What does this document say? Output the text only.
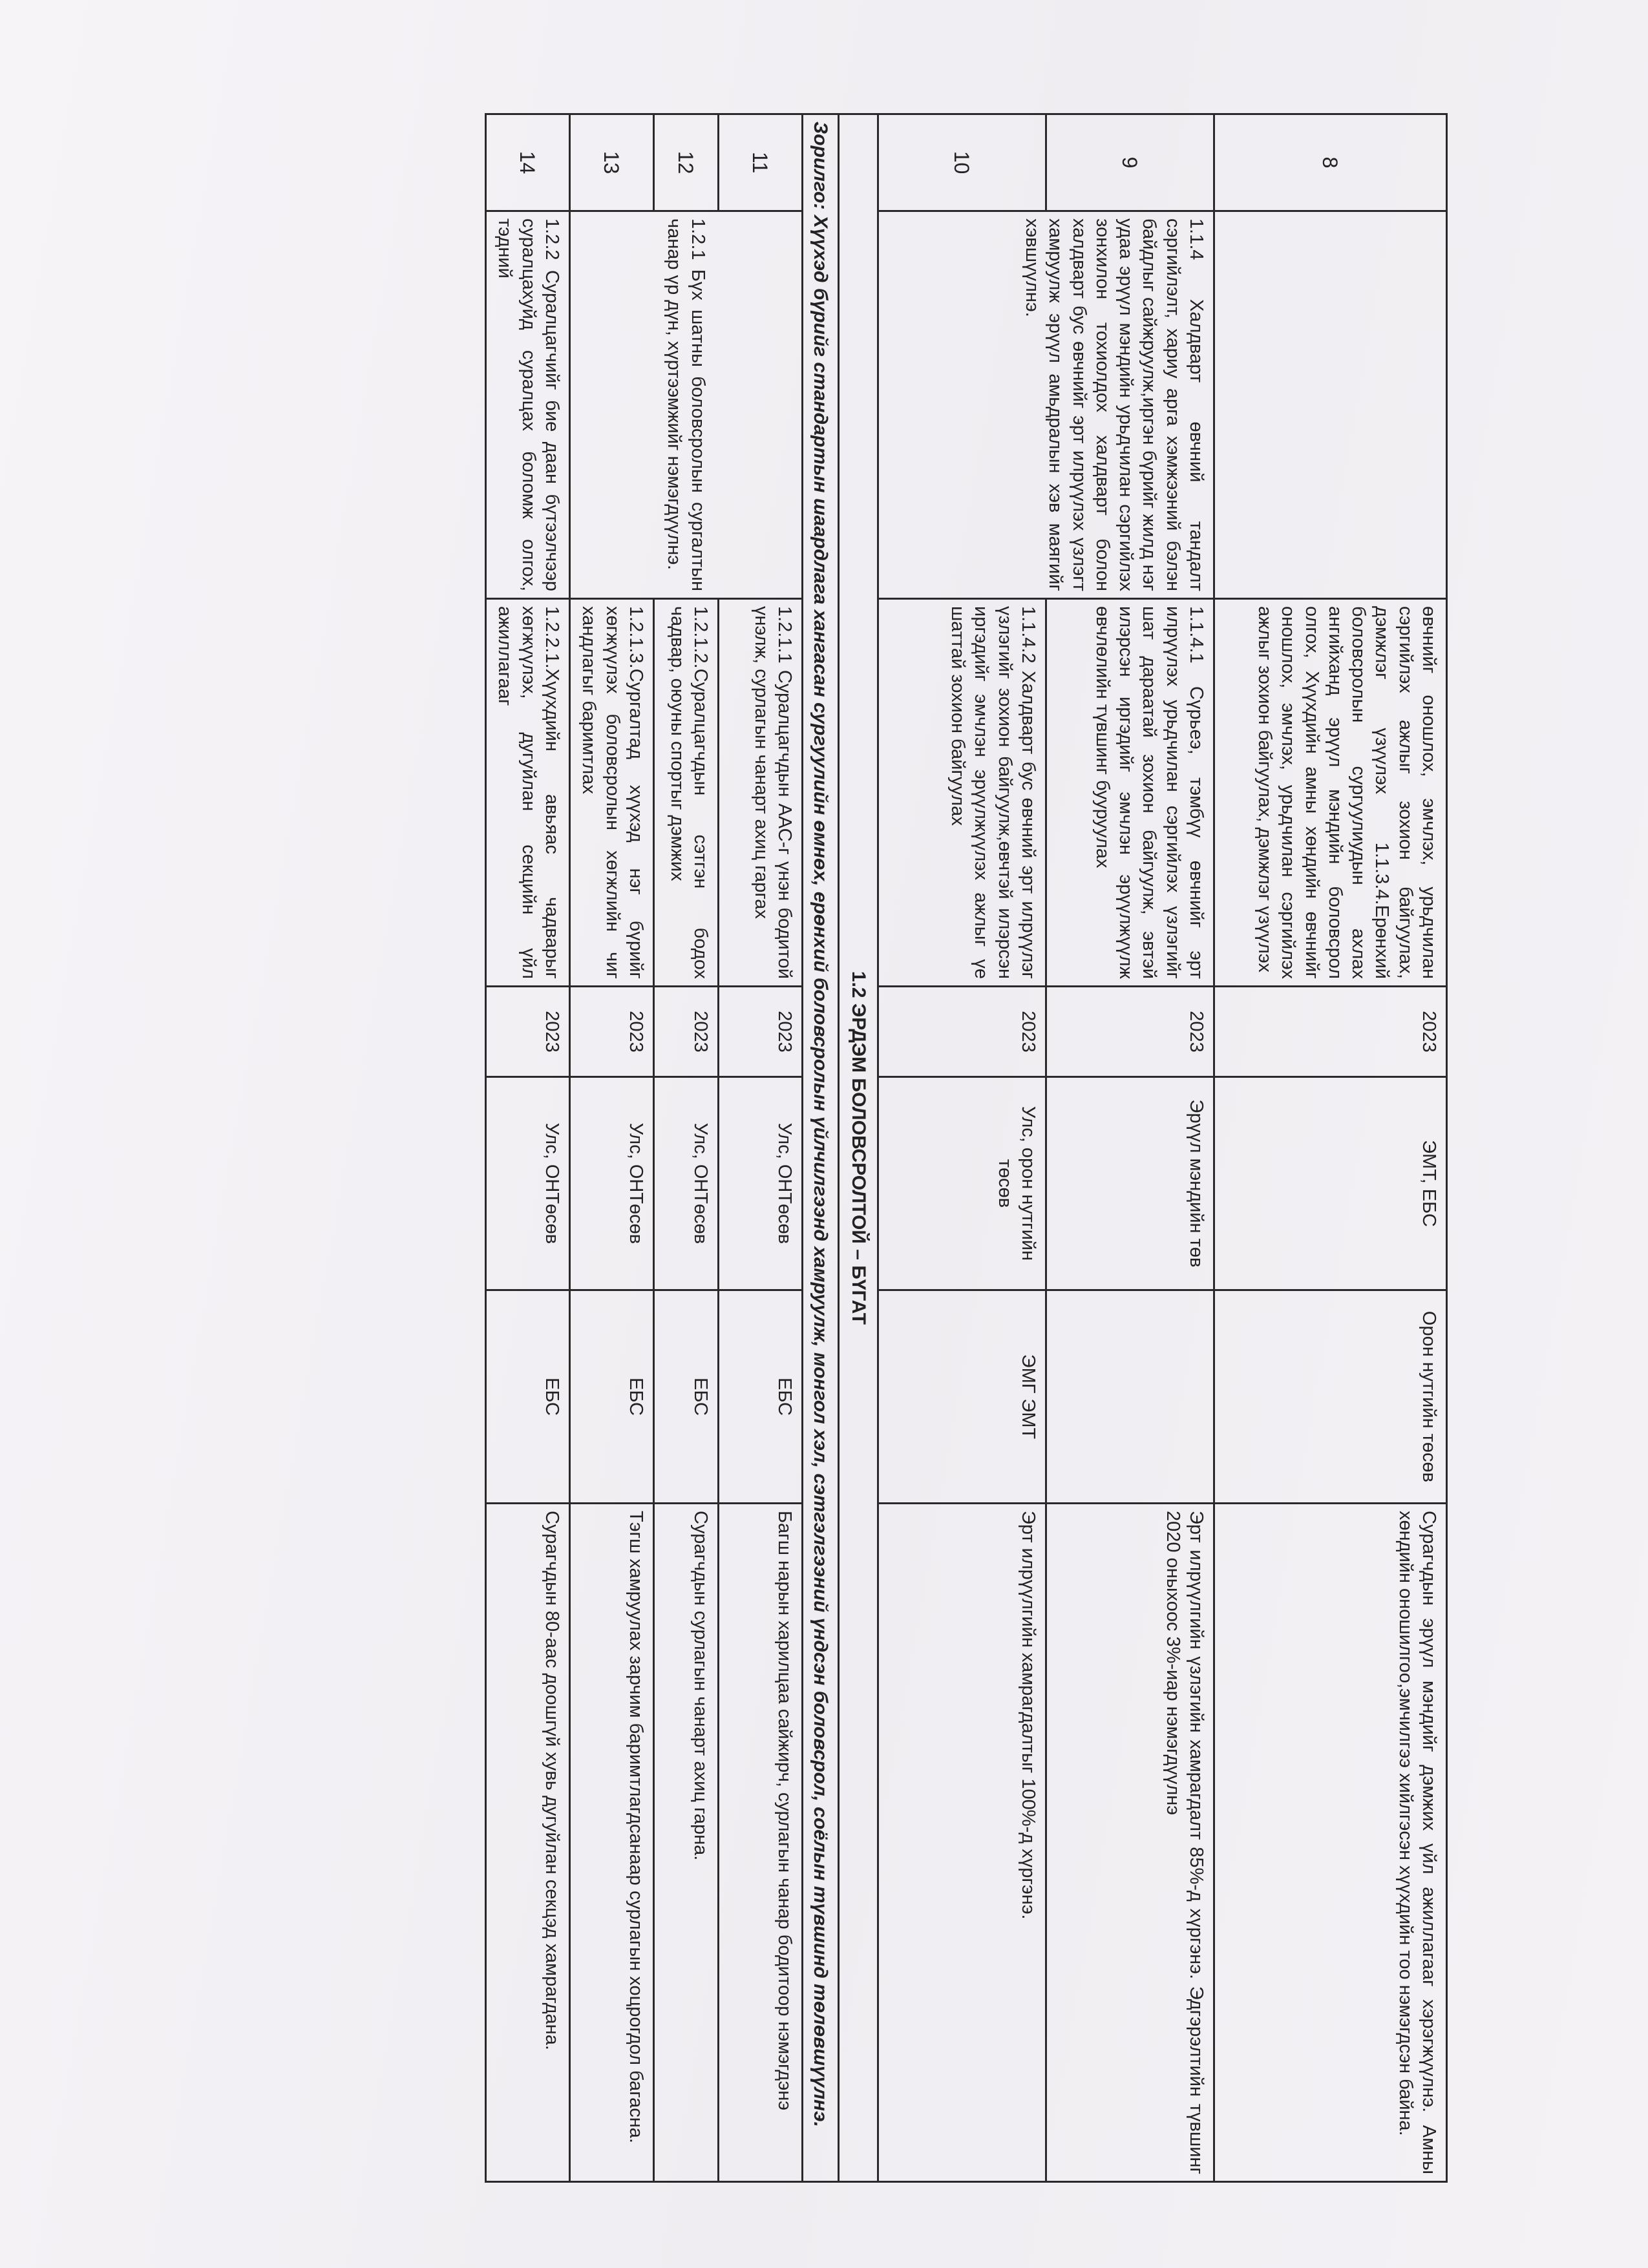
8		өвчнийг оношлох, эмчлэх, урьдчилан сэргийлэх ажлыг зохион байгуулах, дэмжлэг үзүүлэх 1.1.3.4.Ерөнхий боловсролын сургуулиудын ахлах ангийханд эрүүл мэндийн боловсрол олгох, Хүүхдийн амны хөндийн өвчнийг оношлох, эмчлэх, урьдчилан сэргийлэх ажлыг зохион байгуулах, дэмжлэг үзүүлэх	2023	ЭМТ, ЕБС	Орон нутгийн төсөв	Сурагчдын эрүүл мэндийг дэмжих үйл ажиллагааг хэрэгжүүлнэ. Амны хөндийн оношилгоо,эмчилгээ хийлгэсэн хүүхдийн тоо нэмэгдсэн байна.
9	1.1.4 Халдварт өвчний тандалт сэргийлэлт, хариу арга хэмжээний бэлэн байдлыг сайжруулж,иргэн бүрийг жилд нэг удаа эрүүл мэндийн урьдчилан сэргийлэх зонхилон тохиолдох халдварт болон халдварт бус өвчнийг эрт илрүүлэх үзлэгт хамруулж эрүүл амьдралын хэв маягийг хэвшүүлнэ.	1.1.4.1 Сүрьеэ, тэмбүү өвчнийг эрт илрүүлэх урьдчилан сэргийлэх үзлэгийг шат дараатай зохион байгуулж, эвтэй илэрсэн иргэдийг эмчлэн эрүүлжүүлж өвчлөлийн түвшинг бууруулах	2023	Эрүүл мэндийн төв		Эрт илрүүлгийн үзлэгийн хамрагдалт 85%-д хүргэнэ. Эдгэрэлтийн түвшинг 2020 оныхоос 3%-иар нэмэгдүүлнэ
10		1.1.4.2 Халдварт бус өвчний эрт илрүүлэг үзлэгийг зохион байгуулж,өвчтэй илэрсэн иргэдийг эмчлэн эрүүлжүүлэх ажлыг үе шаттай зохион байгуулах	2023	Улс, орон нутгийн төсөв	ЭМГ ЭМТ	Эрт илрүүлгийн хамрагдалтыг 100%-д хүргэнэ.
1.2 ЭРДЭМ БОЛОВСРОЛТОЙ – БҮГАТ						
Зорилго: Хүүхэд бүрийг стандартын шаардлага хангасан сургуулийн өмнөх, ерөнхий боловсролын үйлчилгээнд хамруулж, монгол хэл, сэтгэлгээний үндсэн боловсрол, соёлын түвшинд төлөвшүүлнэ.						
11	1.2.1 Бүх шатны боловсролын сургалтын чанар үр дүн, хүртээмжийг нэмэгдүүлнэ.	1.2.1.1 Суралцагчдын ААС-г үнэн бодитой үнэлж, сурлагын чанарт ахиц гаргах	2023	Улс, ОНТөсөв	ЕБС	Багш нарын харилцаа сайжирч, сурлагын чанар бодитоор нэмэгдэнэ
12		1.2.1.2.Суралцагчдын сэтгэн бодох чадвар, оюуны спортыг дэмжих	2023	Улс, ОНТөсөв	ЕБС	Сурагчдын сурлагын чанарт ахиц гарна.
13		1.2.1.3.Сургалтад хүүхэд нэг бүрийг хөгжүүлэх боловсролын хөгжлийн чиг хандлагыг баримтлах	2023	Улс, ОНТөсөв	ЕБС	Тэгш хамруулах зарчим баримтлагдсанаар сурлагын хоцрогдол багасна.
14	1.2.2 Суралцагчийг бие даан бүтээлчээр суралцахуйд суралцах боломж олгох, тэдний	1.2.2.1.Хүүхдийн авьяас чадварыг хөгжүүлэх, дугуйлан секцийн үйл ажиллагааг	2023	Улс, ОНТөсөв	ЕБС	Сурагчдын 80-аас доошгүй хувь дугуйлан секцэд хамрагдана.
